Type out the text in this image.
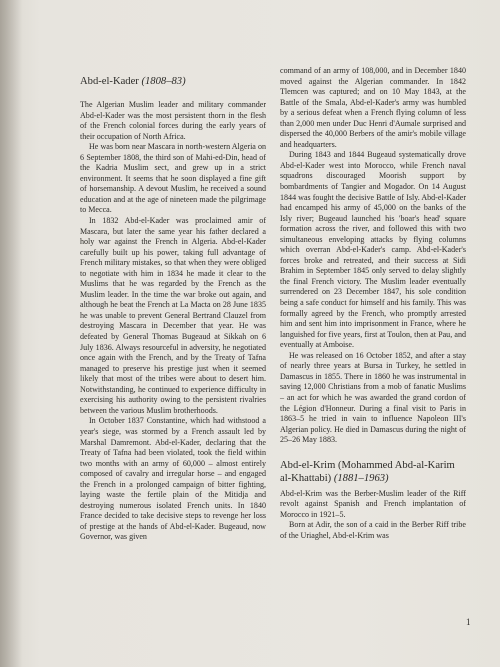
Abd-el-Kader (1808–83)

The Algerian Muslim leader and military commander Abd-el-Kader was the most persistent thorn in the flesh of the French colonial forces during the early years of their occupation of North Africa.

He was born near Mascara in north-western Algeria on 6 September 1808, the third son of Mahi-ed-Din, head of the Kadria Muslim sect, and grew up in a strict environment. It seems that he soon displayed a fine gift of horsemanship. A devout Muslim, he received a sound education and at the age of nineteen made the pilgrimage to Mecca.

In 1832 Abd-el-Kader was proclaimed amir of Mascara, but later the same year his father declared a holy war against the French in Algeria. Abd-el-Kader carefully built up his power, taking full advantage of French military mistakes, so that when they were obliged to negotiate with him in 1834 he made it clear to the Muslims that he was regarded by the French as the Muslim leader. In the time the war broke out again, and although he beat the French at La Macta on 28 June 1835 he was unable to prevent General Bertrand Clauzel from destroying Mascara in December that year. He was defeated by General Thomas Bugeaud at Sikkah on 6 July 1836. Always resourceful in adversity, he negotiated once again with the French, and by the Treaty of Tafna managed to preserve his prestige just when it seemed likely that most of the tribes were about to desert him. Notwithstanding, he continued to experience difficulty in exercising his authority owing to the persistent rivalries between the various Muslim brotherhoods.

In October 1837 Constantine, which had withstood a year's siege, was stormed by a French assault led by Marshal Damremont. Abd-el-Kader, declaring that the Treaty of Tafna had been violated, took the field within two months with an army of 60,000 – almost entirely composed of cavalry and irregular horse – and engaged the French in a prolonged campaign of bitter fighting, laying waste the fertile plain of the Mitidja and destroying numerous isolated French units. In 1840 France decided to take decisive steps to revenge her loss of prestige at the hands of Abd-el-Kader. Bugeaud, now Governor, was given

command of an army of 108,000, and in December 1840 moved against the Algerian commander. In 1842 Tlemcen was captured; and on 10 May 1843, at the Battle of the Smala, Abd-el-Kader's army was humbled by a serious defeat when a French flying column of less than 2,000 men under Duc Henri d'Aumale surprised and dispersed the 40,000 Berbers of the amir's mobile village and headquarters.

During 1843 and 1844 Bugeaud systematically drove Abd-el-Kader west into Morocco, while French naval squadrons discouraged Moorish support by bombardments of Tangier and Mogador. On 14 August 1844 was fought the decisive Battle of Isly. Abd-el-Kader had encamped his army of 45,000 on the banks of the Isly river; Bugeaud launched his 'boar's head' square formation across the river, and followed this with two simultaneous enveloping attacks by flying columns which overran Abd-el-Kader's camp. Abd-el-Kader's forces broke and retreated, and their success at Sidi Brahim in September 1845 only served to delay slightly the final French victory. The Muslim leader eventually surrendered on 23 December 1847, his sole condition being a safe conduct for himself and his family. This was formally agreed by the French, who promptly arrested him and sent him into imprisonment in France, where he languished for five years, first at Toulon, then at Pau, and eventually at Amboise.

He was released on 16 October 1852, and after a stay of nearly three years at Bursa in Turkey, he settled in Damascus in 1855. There in 1860 he was instrumental in saving 12,000 Christians from a mob of fanatic Muslims – an act for which he was awarded the grand cordon of the Légion d'Honneur. During a final visit to Paris in 1863–5 he tried in vain to influence Napoleon III's Algerian policy. He died in Damascus during the night of 25–26 May 1883.

Abd-el-Krim (Mohammed Abd-al-Karim al-Khattabi) (1881–1963)

Abd-el-Krim was the Berber-Muslim leader of the Riff revolt against Spanish and French implantation of Morocco in 1921–5.

Born at Adir, the son of a caid in the Berber Riff tribe of the Uriaghel, Abd-el-Krim was

1
